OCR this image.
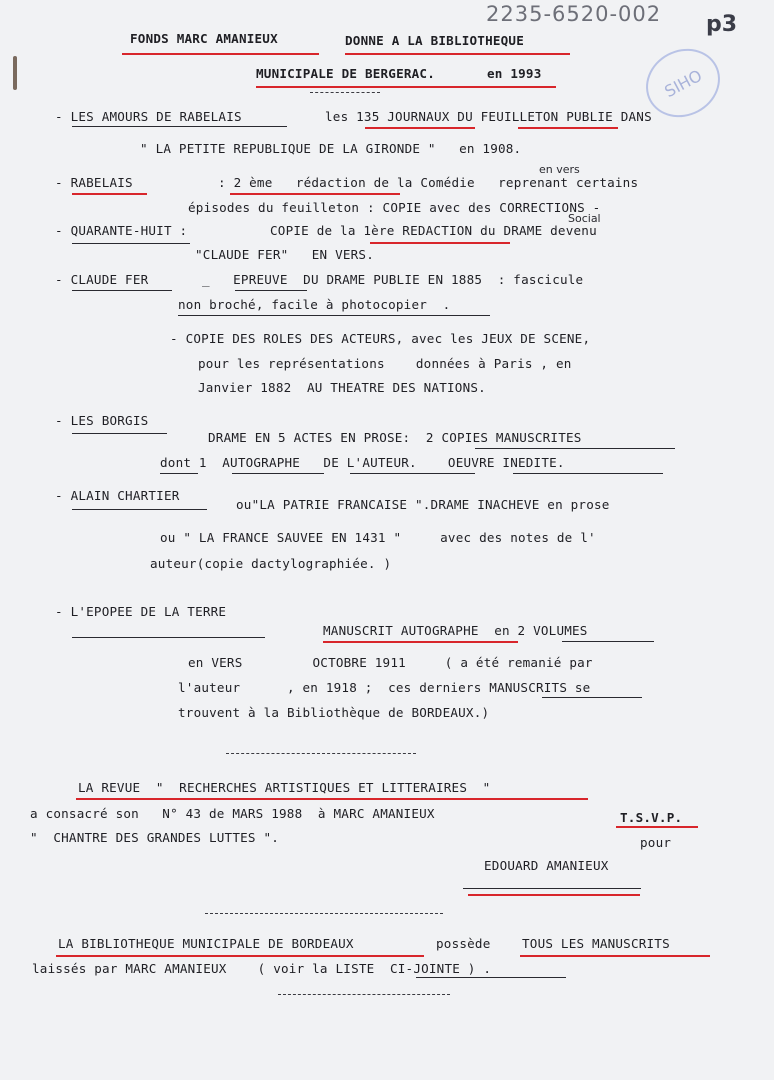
2235-6520-002 p3
SIHO
FONDS MARC AMANIEUX	DONNE A LA BIBLIOTHEQUE
MUNICIPALE DE BERGERAC.	en 1993
- LES AMOURS DE RABELAIS	les 135 JOURNAUX DU FEUILLETON PUBLIE DANS
" LA PETITE REPUBLIQUE DE LA GIRONDE "   en 1908.
- RABELAIS	: 2 ème   rédaction de la Comédie   reprenant certains
en vers
épisodes du feuilleton : COPIE avec des CORRECTIONS -
- QUARANTE-HUIT :	COPIE de la 1ère REDACTION du DRAME devenu
Social
"CLAUDE FER"   EN VERS.
- CLAUDE FER	_   EPREUVE  DU DRAME PUBLIE EN 1885  : fascicule
non broché, facile à photocopier  .
- COPIE DES ROLES DES ACTEURS, avec les JEUX DE SCENE,
pour les représentations    données à Paris , en
Janvier 1882  AU THEATRE DES NATIONS.
- LES BORGIS
DRAME EN 5 ACTES EN PROSE:  2 COPIES MANUSCRITES
dont 1  AUTOGRAPHE   DE L'AUTEUR.    OEUVRE INEDITE.
- ALAIN CHARTIER
ou"LA PATRIE FRANCAISE ".DRAME INACHEVE en prose
ou " LA FRANCE SAUVEE EN 1431 "     avec des notes de l'
auteur(copie dactylographiée. )
- L'EPOPEE DE LA TERRE
MANUSCRIT AUTOGRAPHE  en 2 VOLUMES
en VERS         OCTOBRE 1911     ( a été remanié par
l'auteur      , en 1918 ;  ces derniers MANUSCRITS se
trouvent à la Bibliothèque de BORDEAUX.)
LA REVUE  "  RECHERCHES ARTISTIQUES ET LITTERAIRES  "
a consacré son   N° 43 de MARS 1988  à MARC AMANIEUX	T.S.V.P.
"  CHANTRE DES GRANDES LUTTES ".	pour
EDOUARD AMANIEUX
LA BIBLIOTHEQUE MUNICIPALE DE BORDEAUX	possède	TOUS LES MANUSCRITS
laissés par MARC AMANIEUX    ( voir la LISTE  CI-JOINTE ) .
